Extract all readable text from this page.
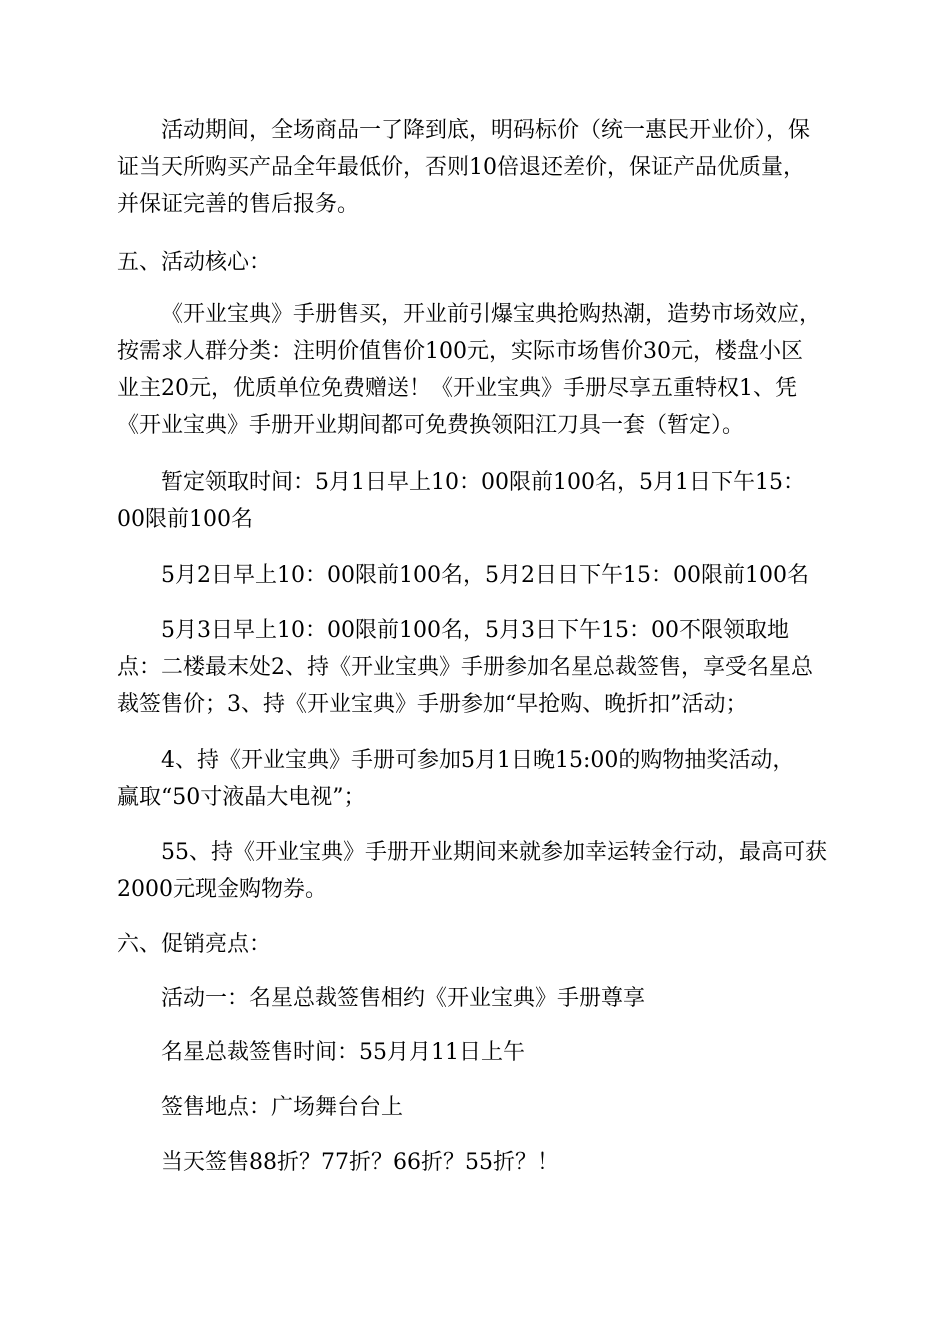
活动期间，全场商品一了降到底，明码标价（统一惠民开业价），保
证当天所购买产品全年最低价，否则10倍退还差价，保证产品优质量，
并保证完善的售后报务。
五、活动核心：
《开业宝典》手册售买，开业前引爆宝典抢购热潮，造势市场效应，
按需求人群分类：注明价值售价100元，实际市场售价30元，楼盘小区
业主20元，优质单位免费赠送！《开业宝典》手册尽享五重特权1、凭
《开业宝典》手册开业期间都可免费换领阳江刀具一套（暂定）。
暂定领取时间：5月1日早上10：00限前100名，5月1日下午15：
00限前100名
5月2日早上10：00限前100名，5月2日日下午15：00限前100名
5月3日早上10：00限前100名，5月3日下午15：00不限领取地
点：二楼最末处2、持《开业宝典》手册参加名星总裁签售，享受名星总
裁签售价；3、持《开业宝典》手册参加“早抢购、晚折扣”活动；
4、持《开业宝典》手册可参加5月1日晚15:00的购物抽奖活动，
赢取“50寸液晶大电视”；
55、持《开业宝典》手册开业期间来就参加幸运转金行动，最高可获
2000元现金购物券。
六、促销亮点：
活动一：名星总裁签售相约《开业宝典》手册尊享
名星总裁签售时间：55月月11日上午
签售地点：广场舞台台上
当天签售88折？77折？66折？55折？！
